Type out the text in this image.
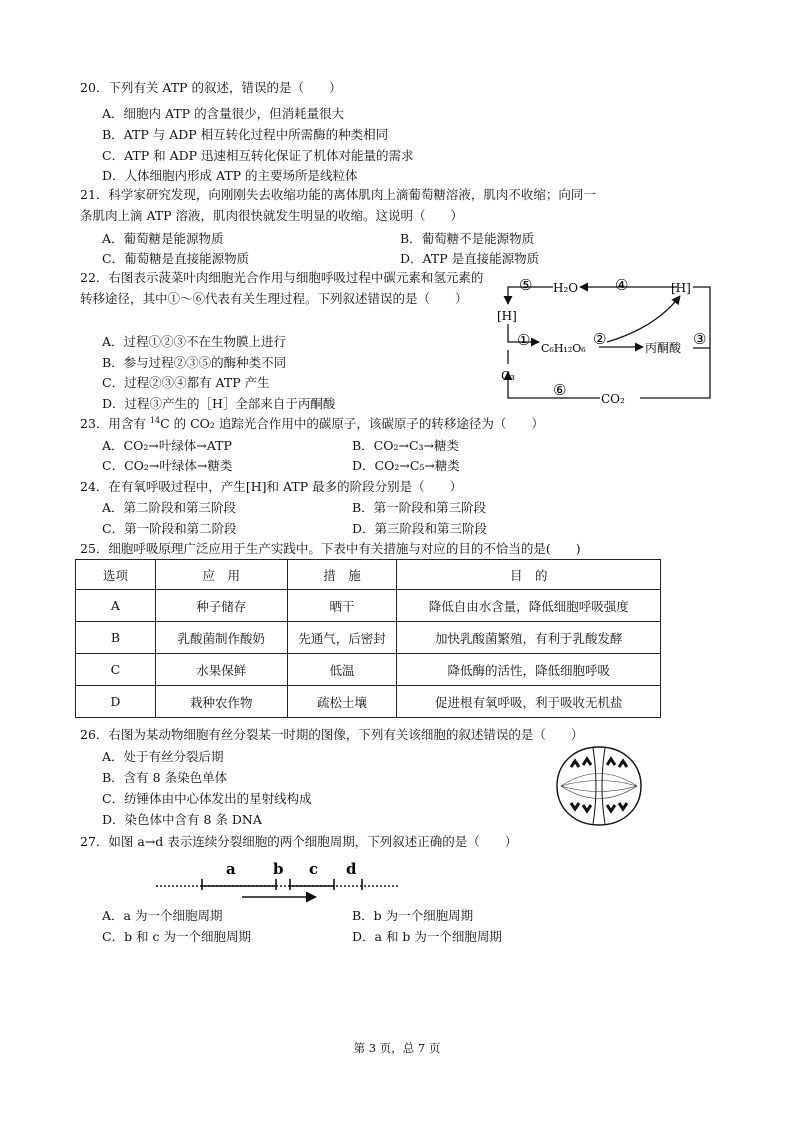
20．下列有关 ATP 的叙述，错误的是（　　）
A．细胞内 ATP 的含量很少，但消耗量很大
B．ATP 与 ADP 相互转化过程中所需酶的种类相同
C．ATP 和 ADP 迅速相互转化保证了机体对能量的需求
D．人体细胞内形成 ATP 的主要场所是线粒体
21．科学家研究发现，向刚刚失去收缩功能的离体肌肉上滴葡萄糖溶液，肌肉不收缩；向同一条肌肉上滴 ATP 溶液，肌肉很快就发生明显的收缩。这说明（　　）
A．葡萄糖是能源物质	B．葡萄糖不是能源物质
C．葡萄糖是直接能源物质	D．ATP 是直接能源物质
22．右图表示菠菜叶肉细胞光合作用与细胞呼吸过程中碳元素和氢元素的转移途径，其中①～⑥代表有关生理过程。下列叙述错误的是（　　）
A．过程①②③不在生物膜上进行
B．参与过程②③⑤的酶种类不同
C．过程②③④都有 ATP 产生
D．过程③产生的［H］全部来自于丙酮酸
⑤ H₂O ④	[H]
[H]
① C₆H₁₂O₆
②	丙酮酸 ③
C₃
⑥	CO₂
23．用含有 $^{14}$C 的 CO₂ 追踪光合作用中的碳原子，该碳原子的转移途径为（　　）
A．CO₂→叶绿体→ATP	B．CO₂→C₃→糖类
C．CO₂→叶绿体→糖类	D．CO₂→C₅→糖类
24．在有氧呼吸过程中，产生[H]和 ATP 最多的阶段分别是（　　）
A．第二阶段和第三阶段	B．第一阶段和第三阶段
C．第一阶段和第二阶段	D．第三阶段和第三阶段
25．细胞呼吸原理广泛应用于生产实践中。下表中有关措施与对应的目的不恰当的是(　　)
选项	应　用	措　施	目　的
A	种子储存	晒干	降低自由水含量，降低细胞呼吸强度
B	乳酸菌制作酸奶	先通气，后密封	加快乳酸菌繁殖，有利于乳酸发酵
C	水果保鲜	低温	降低酶的活性，降低细胞呼吸
D	栽种农作物	疏松土壤	促进根有氧呼吸，利于吸收无机盐
26．右图为某动物细胞有丝分裂某一时期的图像，下列有关该细胞的叙述错误的是（　　）
A．处于有丝分裂后期
B．含有 8 条染色单体
C．纺锤体由中心体发出的星射线构成
D．染色体中含有 8 条 DNA
27．如图 a→d 表示连续分裂细胞的两个细胞周期，下列叙述正确的是（　　）
a b c d
A．a 为一个细胞周期	B．b 为一个细胞周期
C．b 和 c 为一个细胞周期	D．a 和 b 为一个细胞周期
第 3 页，总 7 页
